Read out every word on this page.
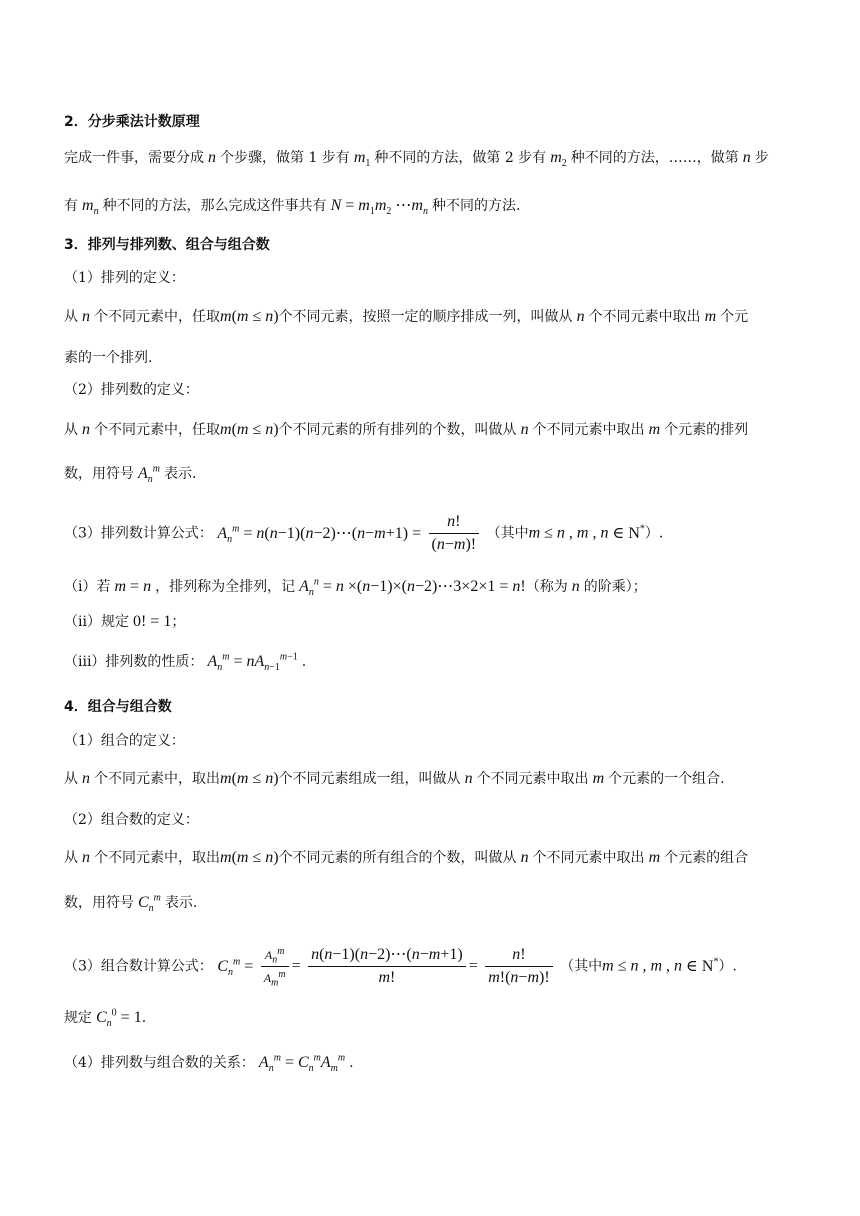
2．分步乘法计数原理
完成一件事，需要分成 n 个步骤，做第 1 步有 $m_1$ 种不同的方法，做第 2 步有 $m_2$ 种不同的方法，……，做第 n 步
有 $m_n$ 种不同的方法，那么完成这件事共有 $N = m_1m_2$ $\cdots m_n$ 种不同的方法.
3．排列与排列数、组合与组合数
（1）排列的定义：
从 n 个不同元素中，任取m(m ≤ n)个不同元素，按照一定的顺序排成一列，叫做从 n 个不同元素中取出 m 个元
素的一个排列.
（2）排列数的定义：
从 n 个不同元素中，任取m(m ≤ n)个不同元素的所有排列的个数，叫做从 n 个不同元素中取出 m 个元素的排列
数，用符号 $A_n^m$ 表示.
（3）排列数计算公式： $A_n^m$ = n(n−1)(n−2)⋯(n−m+1) = $\frac{n!}{(n-m)!}$ （其中m ≤ n , m , n ∈ N*）.
（i）若 m = n ，排列称为全排列，记 $A_n^n = n$ ×(n−1)×(n−2)⋯3×2×1 = n!（称为 n 的阶乘）；
（ii）规定 0! = 1；
（iii）排列数的性质： $A_n^m = nA_{n-1}^{m-1}$ .
4．组合与组合数
（1）组合的定义：
从 n 个不同元素中，取出m(m ≤ n)个不同元素组成一组，叫做从 n 个不同元素中取出 m 个元素的一个组合.
（2）组合数的定义：
从 n 个不同元素中，取出m(m ≤ n)个不同元素的所有组合的个数，叫做从 n 个不同元素中取出 m 个元素的组合
数，用符号 $C_n^m$ 表示.
（3）组合数计算公式： $C_n^m = \frac{A_n^m}{A_m^m} = \frac{n(n-1)(n-2)\cdots(n-m+1)}{m!} = \frac{n!}{m!(n-m)!}$ （其中m ≤ n , m , n ∈ N*）.
规定 $C_n^0 = 1$.
（4）排列数与组合数的关系： $A_n^m = C_n^mA_m^m$ .
